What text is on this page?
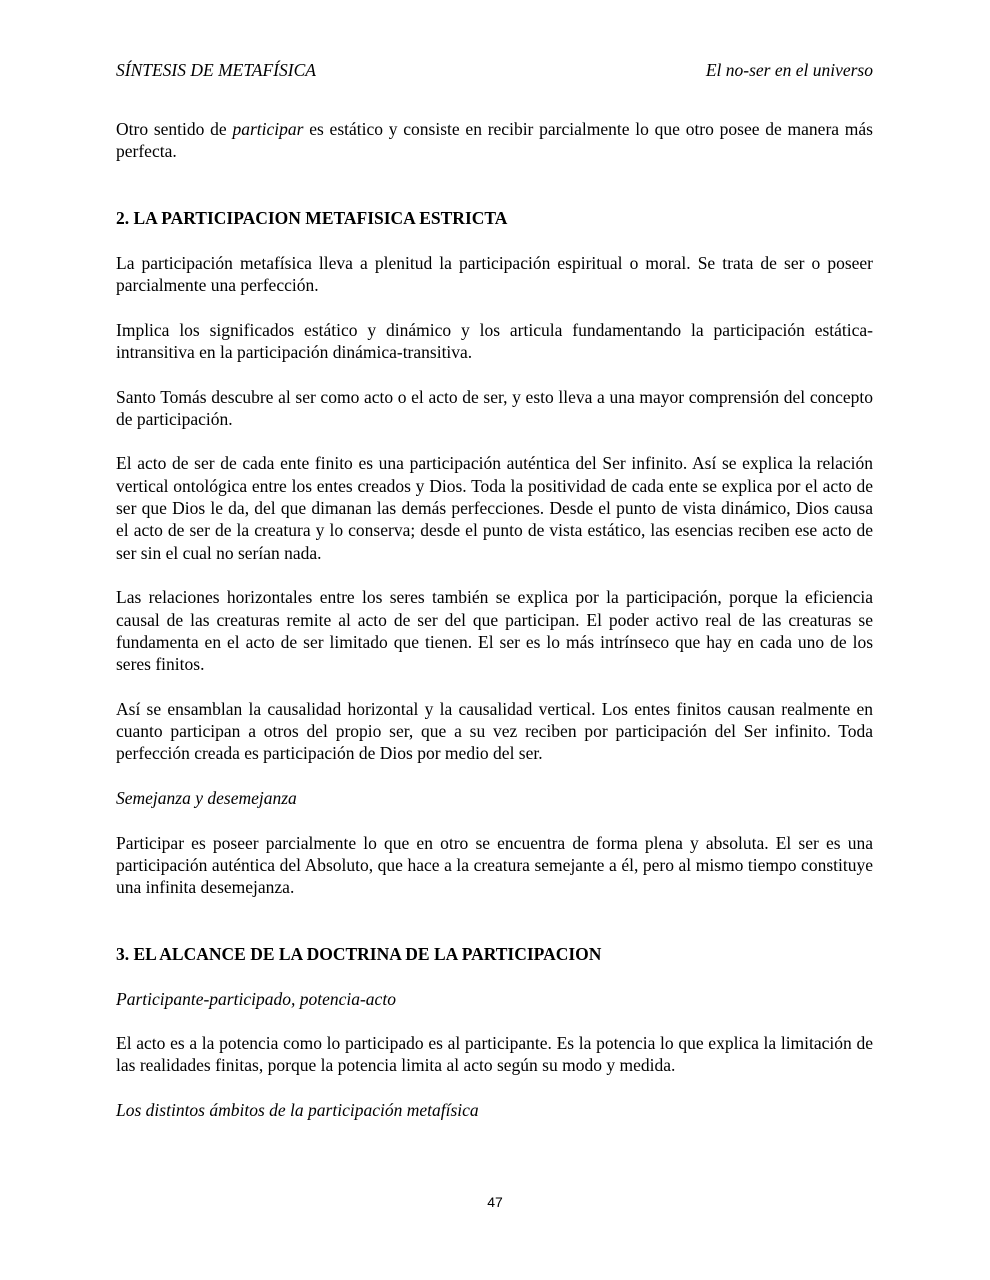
SÍNTESIS DE METAFÍSICA	El no-ser en el universo

Otro sentido de participar es estático y consiste en recibir parcialmente lo que otro posee de manera más perfecta.

2. LA PARTICIPACION METAFISICA ESTRICTA

La participación metafísica lleva a plenitud la participación espiritual o moral. Se trata de ser o poseer parcialmente una perfección.

Implica los significados estático y dinámico y los articula fundamentando la participación estática-intransitiva en la participación dinámica-transitiva.

Santo Tomás descubre al ser como acto o el acto de ser, y esto lleva a una mayor comprensión del concepto de participación.

El acto de ser de cada ente finito es una participación auténtica del Ser infinito. Así se explica la relación vertical ontológica entre los entes creados y Dios. Toda la positividad de cada ente se explica por el acto de ser que Dios le da, del que dimanan las demás perfecciones. Desde el punto de vista dinámico, Dios causa el acto de ser de la creatura y lo conserva; desde el punto de vista estático, las esencias reciben ese acto de ser sin el cual no serían nada.

Las relaciones horizontales entre los seres también se explica por la participación, porque la eficiencia causal de las creaturas remite al acto de ser del que participan. El poder activo real de las creaturas se fundamenta en el acto de ser limitado que tienen. El ser es lo más intrínseco que hay en cada uno de los seres finitos.

Así se ensamblan la causalidad horizontal y la causalidad vertical. Los entes finitos causan realmente en cuanto participan a otros del propio ser, que a su vez reciben por participación del Ser infinito. Toda perfección creada es participación de Dios por medio del ser.

Semejanza y desemejanza

Participar es poseer parcialmente lo que en otro se encuentra de forma plena y absoluta. El ser es una participación auténtica del Absoluto, que hace a la creatura semejante a él, pero al mismo tiempo constituye una infinita desemejanza.

3. EL ALCANCE DE LA DOCTRINA DE LA PARTICIPACION

Participante-participado, potencia-acto

El acto es a la potencia como lo participado es al participante. Es la potencia lo que explica la limitación de las realidades finitas, porque la potencia limita al acto según su modo y medida.

Los distintos ámbitos de la participación metafísica

47
